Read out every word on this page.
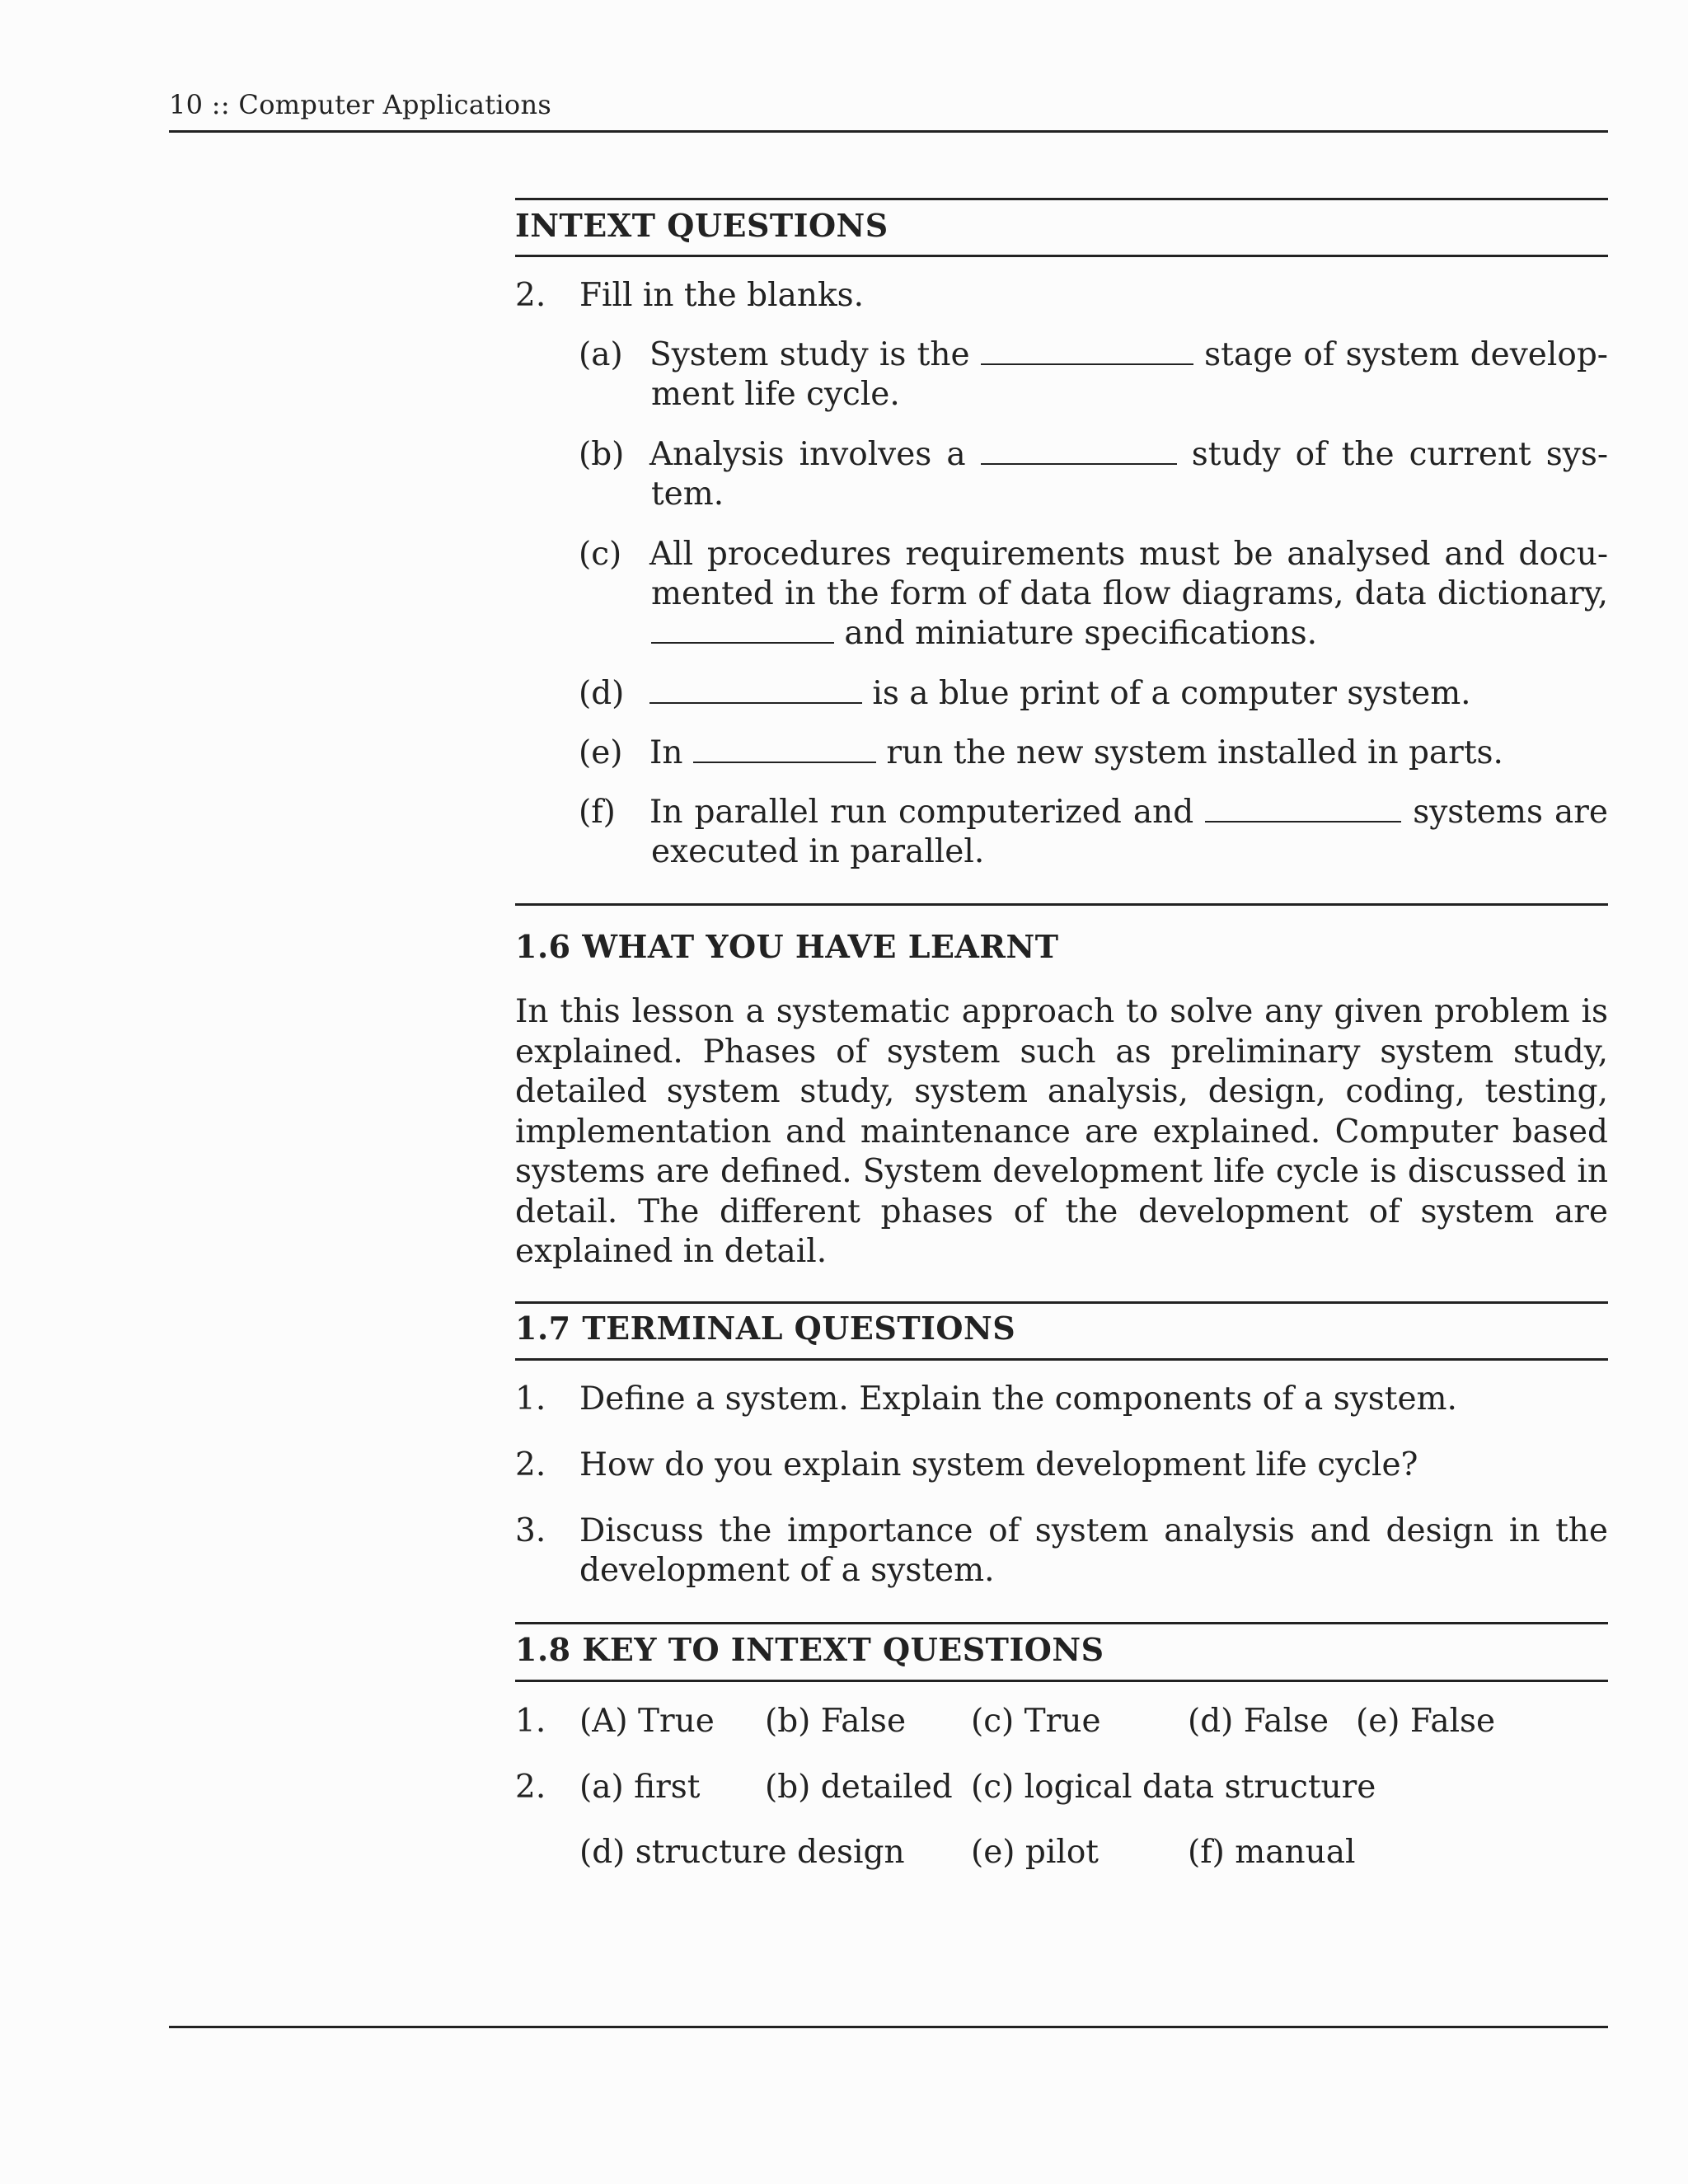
10 :: Computer Applications
INTEXT QUESTIONS
2. Fill in the blanks.
(a) System study is the	stage of system develop-
ment life cycle.
(b) Analysis involves a	study of the current sys-
tem.
(c) All procedures requirements must be analysed and docu-
mented in the form of data flow diagrams, data dictionary,
and miniature specifications.
(d)	is a blue print of a computer system.
(e) In	run the new system installed in parts.
(f) In parallel run computerized and	systems are
executed in parallel.
1.6 WHAT YOU HAVE LEARNT
In this lesson a systematic approach to solve any given problem is
explained. Phases of system such as preliminary system study,
detailed system study, system analysis, design, coding, testing,
implementation and maintenance are explained. Computer based
systems are defined. System development life cycle is discussed in
detail. The different phases of the development of system are
explained in detail.
1.7 TERMINAL QUESTIONS
1. Define a system. Explain the components of a system.
2. How do you explain system development life cycle?
3.	Discuss the importance of system analysis and design in the
development of a system.
1.8 KEY TO INTEXT QUESTIONS
1. (A) True (b) False (c) True	(d) False (e) False
2. (a) first (b) detailed (c) logical data structure
(d) structure design (e) pilot	(f) manual
